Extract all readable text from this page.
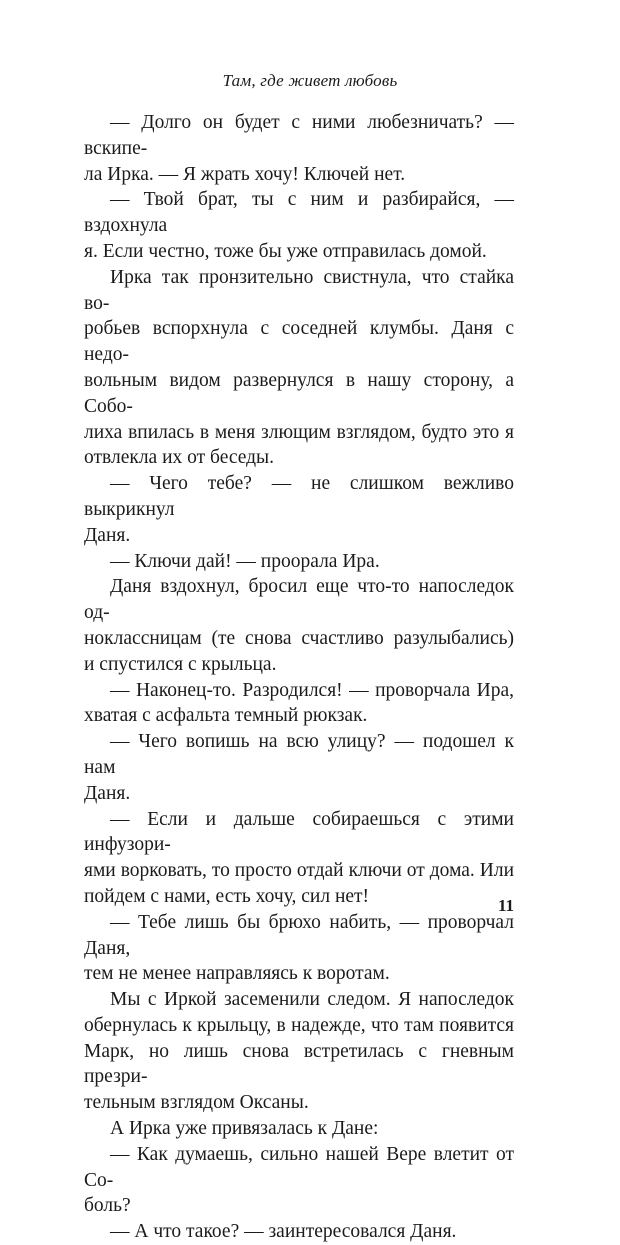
Там, где живет любовь
— Долго он будет с ними любезничать? — вскипе-
ла Ирка. — Я жрать хочу! Ключей нет.
— Твой брат, ты с ним и разбирайся, — вздохнула
я. Если честно, тоже бы уже отправилась домой.
Ирка так пронзительно свистнула, что стайка во-
робьев вспорхнула с соседней клумбы. Даня с недо-
вольным видом развернулся в нашу сторону, а Собо-
лиха впилась в меня злющим взглядом, будто это я
отвлекла их от беседы.
— Чего тебе? — не слишком вежливо выкрикнул
Даня.
— Ключи дай! — проорала Ира.
Даня вздохнул, бросил еще что-то напоследок од-
ноклассницам (те снова счастливо разулыбались)
и спустился с крыльца.
— Наконец-то. Разродился! — проворчала Ира,
хватая с асфальта темный рюкзак.
— Чего вопишь на всю улицу? — подошел к нам
Даня.
— Если и дальше собираешься с этими инфузори-
ями ворковать, то просто отдай ключи от дома. Или
пойдем с нами, есть хочу, сил нет!
— Тебе лишь бы брюхо набить, — проворчал Даня,
тем не менее направляясь к воротам.
Мы с Иркой засеменили следом. Я напоследок
обернулась к крыльцу, в надежде, что там появится
Марк, но лишь снова встретилась с гневным презри-
тельным взглядом Оксаны.
А Ирка уже привязалась к Дане:
— Как думаешь, сильно нашей Вере влетит от Со-
боль?
— А что такое? — заинтересовался Даня.
11
